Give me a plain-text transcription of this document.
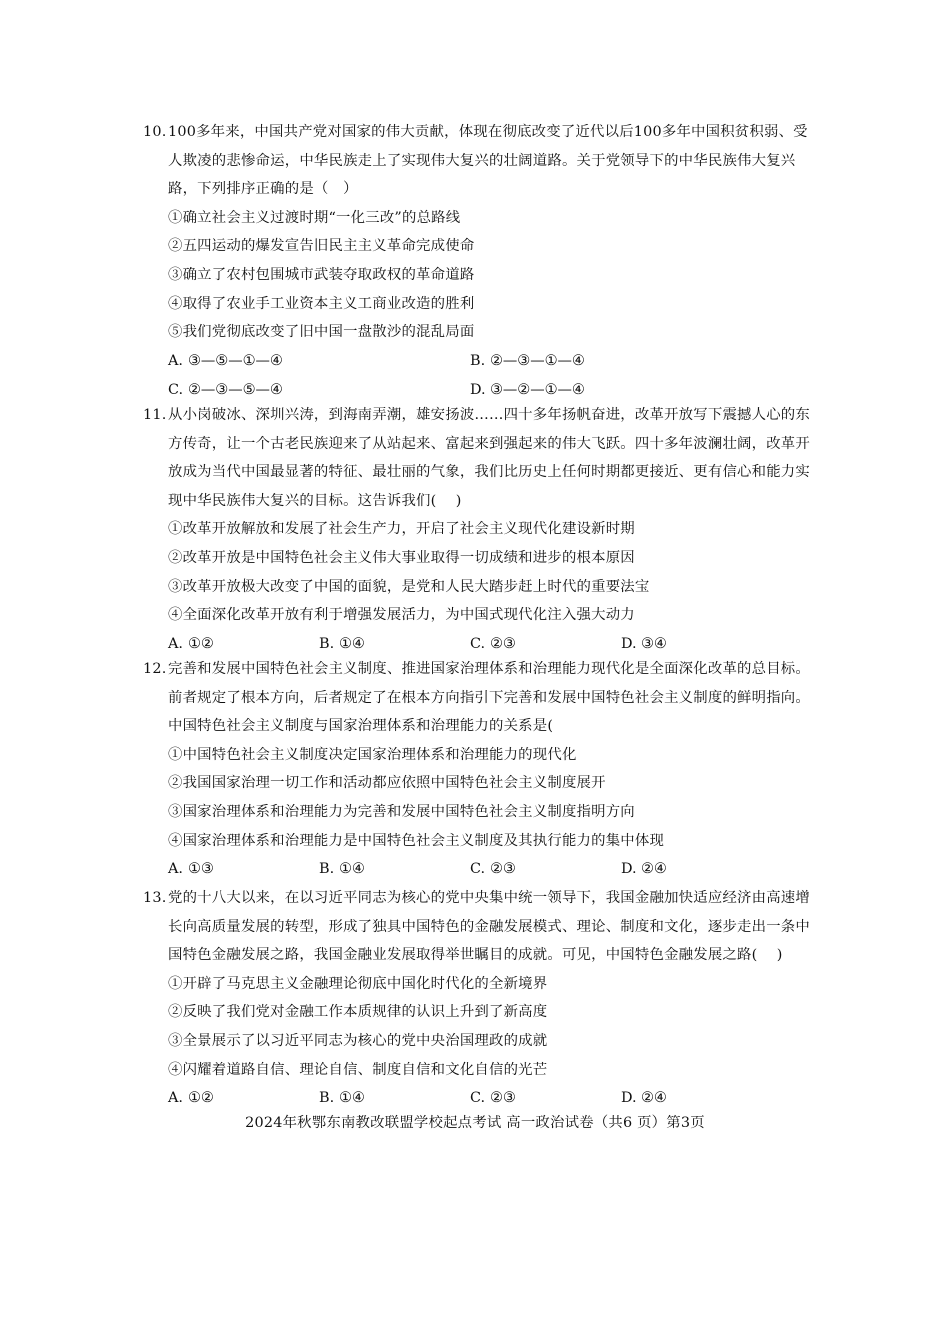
10. 100多年来，中国共产党对国家的伟大贡献，体现在彻底改变了近代以后100多年中国积贫积弱、受人欺凌的悲惨命运，中华民族走上了实现伟大复兴的壮阔道路。关于党领导下的中华民族伟大复兴路，下列排序正确的是（　）

①确立社会主义过渡时期“一化三改”的总路线

②五四运动的爆发宣告旧民主主义革命完成使命

③确立了农村包围城市武装夺取政权的革命道路

④取得了农业手工业资本主义工商业改造的胜利

⑤我们党彻底改变了旧中国一盘散沙的混乱局面

A. ③—⑤—①—④	B. ②—③—①—④
C. ②—③—⑤—④	D. ③—②—①—④

11. 从小岗破冰、深圳兴涛，到海南弄潮，雄安扬波……四十多年扬帆奋进，改革开放写下震撼人心的东方传奇，让一个古老民族迎来了从站起来、富起来到强起来的伟大飞跃。四十多年波澜壮阔，改革开放成为当代中国最显著的特征、最壮丽的气象，我们比历史上任何时期都更接近、更有信心和能力实现中华民族伟大复兴的目标。这告诉我们(　 )

①改革开放解放和发展了社会生产力，开启了社会主义现代化建设新时期

②改革开放是中国特色社会主义伟大事业取得一切成绩和进步的根本原因

③改革开放极大改变了中国的面貌，是党和人民大踏步赶上时代的重要法宝

④全面深化改革开放有利于增强发展活力，为中国式现代化注入强大动力

A. ①②	B. ①④	C. ②③	D. ③④

12. 完善和发展中国特色社会主义制度、推进国家治理体系和治理能力现代化是全面深化改革的总目标。前者规定了根本方向，后者规定了在根本方向指引下完善和发展中国特色社会主义制度的鲜明指向。中国特色社会主义制度与国家治理体系和治理能力的关系是(

①中国特色社会主义制度决定国家治理体系和治理能力的现代化

②我国国家治理一切工作和活动都应依照中国特色社会主义制度展开

③国家治理体系和治理能力为完善和发展中国特色社会主义制度指明方向

④国家治理体系和治理能力是中国特色社会主义制度及其执行能力的集中体现

A. ①③	B. ①④	C. ②③	D. ②④

13. 党的十八大以来，在以习近平同志为核心的党中央集中统一领导下，我国金融加快适应经济由高速增长向高质量发展的转型，形成了独具中国特色的金融发展模式、理论、制度和文化，逐步走出一条中国特色金融发展之路，我国金融业发展取得举世瞩目的成就。可见，中国特色金融发展之路(　 )

①开辟了马克思主义金融理论彻底中国化时代化的全新境界

②反映了我们党对金融工作本质规律的认识上升到了新高度

③全景展示了以习近平同志为核心的党中央治国理政的成就

④闪耀着道路自信、理论自信、制度自信和文化自信的光芒

A. ①②	B. ①④	C. ②③	D. ②④
2024年秋鄂东南教改联盟学校起点考试 高一政治试卷（共6 页）第3页
